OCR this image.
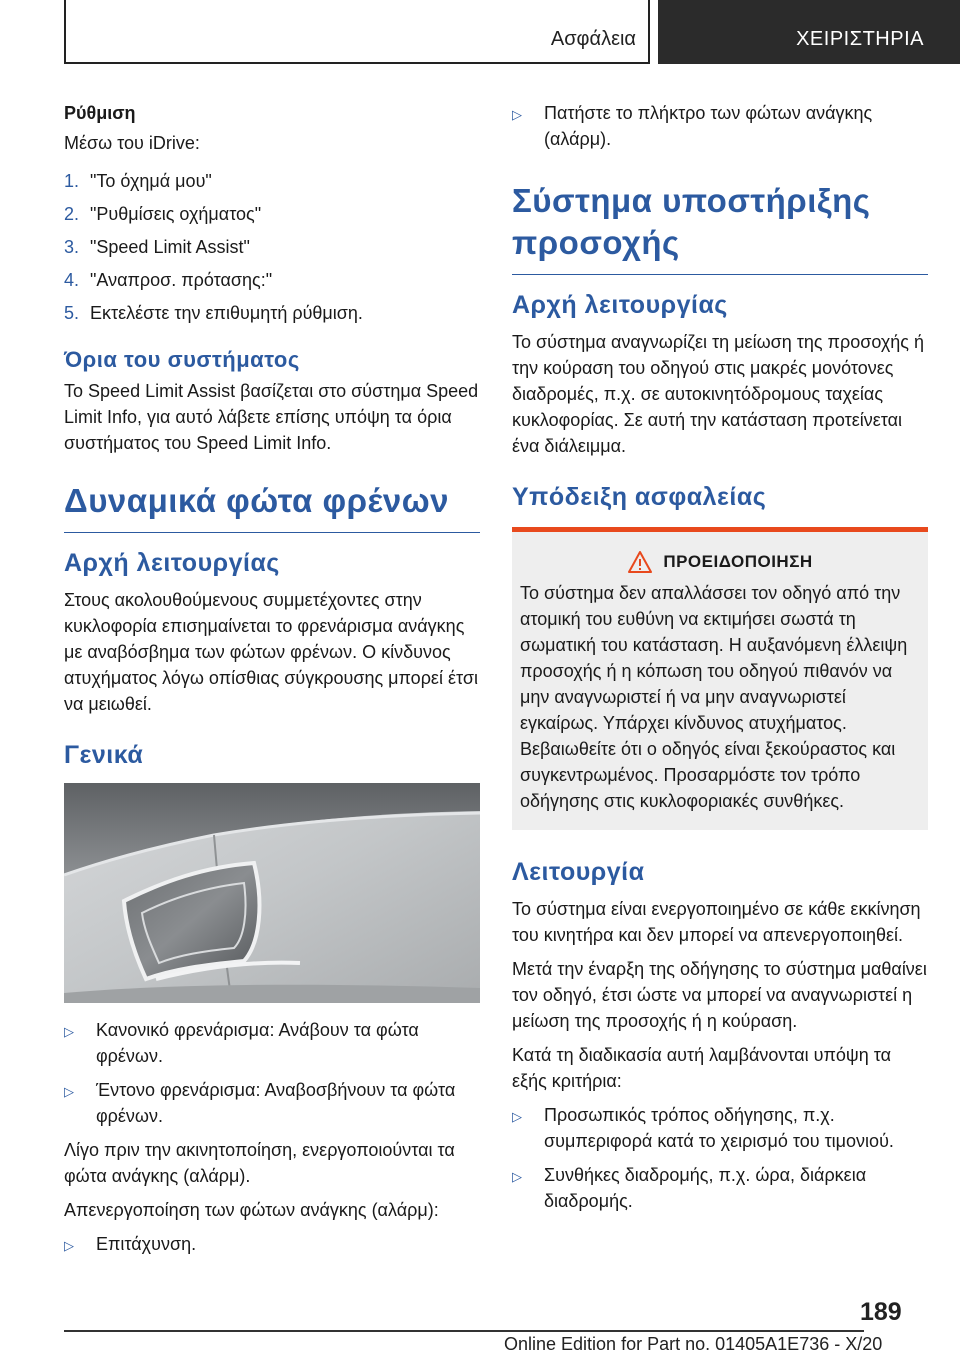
Ασφάλεια	ΧΕΙΡΙΣΤΗΡΙΑ
Ρύθμιση
Μέσω του iDrive:
1. "Το όχημά μου"
2. "Ρυθμίσεις οχήματος"
3. "Speed Limit Assist"
4. "Αναπροσ. πρότασης:"
5. Εκτελέστε την επιθυμητή ρύθμιση.
Όρια του συστήματος
Το Speed Limit Assist βασίζεται στο σύστημα Speed Limit Info, για αυτό λάβετε επίσης υπόψη τα όρια συστήματος του Speed Limit Info.
Δυναμικά φώτα φρένων
Αρχή λειτουργίας
Στους ακολουθούμενους συμμετέχοντες στην κυκλοφορία επισημαίνεται το φρενάρισμα ανάγκης με αναβόσβημα των φώτων φρένων. Ο κίνδυνος ατυχήματος λόγω οπίσθιας σύγκρουσης μπορεί έτσι να μειωθεί.
Γενικά
▷	Κανονικό φρενάρισμα: Ανάβουν τα φώτα φρένων.
▷	Έντονο φρενάρισμα: Αναβοσβήνουν τα φώτα φρένων.
Λίγο πριν την ακινητοποίηση, ενεργοποιούνται τα φώτα ανάγκης (αλάρμ).
Απενεργοποίηση των φώτων ανάγκης (αλάρμ):
▷	Επιτάχυνση.
▷	Πατήστε το πλήκτρο των φώτων ανάγκης (αλάρμ).
Σύστημα υποστήριξης προσοχής
Αρχή λειτουργίας
Το σύστημα αναγνωρίζει τη μείωση της προσοχής ή την κούραση του οδηγού στις μακρές μονότονες διαδρομές, π.χ. σε αυτοκινητόδρομους ταχείας κυκλοφορίας. Σε αυτή την κατάσταση προτείνεται ένα διάλειμμα.
Υπόδειξη ασφαλείας
ΠΡΟΕΙΔΟΠΟΙΗΣΗ
Το σύστημα δεν απαλλάσσει τον οδηγό από την ατομική του ευθύνη να εκτιμήσει σωστά τη σωματική του κατάσταση. Η αυξανόμενη έλλειψη προσοχής ή η κόπωση του οδηγού πιθανόν να μην αναγνωριστεί ή να μην αναγνωριστεί εγκαίρως. Υπάρχει κίνδυνος ατυχήματος. Βεβαιωθείτε ότι ο οδηγός είναι ξεκούραστος και συγκεντρωμένος. Προσαρμόστε τον τρόπο οδήγησης στις κυκλοφοριακές συνθήκες.
Λειτουργία
Το σύστημα είναι ενεργοποιημένο σε κάθε εκκίνηση του κινητήρα και δεν μπορεί να απενεργοποιηθεί.
Μετά την έναρξη της οδήγησης το σύστημα μαθαίνει τον οδηγό, έτσι ώστε να μπορεί να αναγνωριστεί η μείωση της προσοχής ή η κούραση.
Κατά τη διαδικασία αυτή λαμβάνονται υπόψη τα εξής κριτήρια:
▷	Προσωπικός τρόπος οδήγησης, π.χ. συμπεριφορά κατά το χειρισμό του τιμονιού.
▷	Συνθήκες διαδρομής, π.χ. ώρα, διάρκεια διαδρομής.
189
Online Edition for Part no. 01405A1E736 - X/20
